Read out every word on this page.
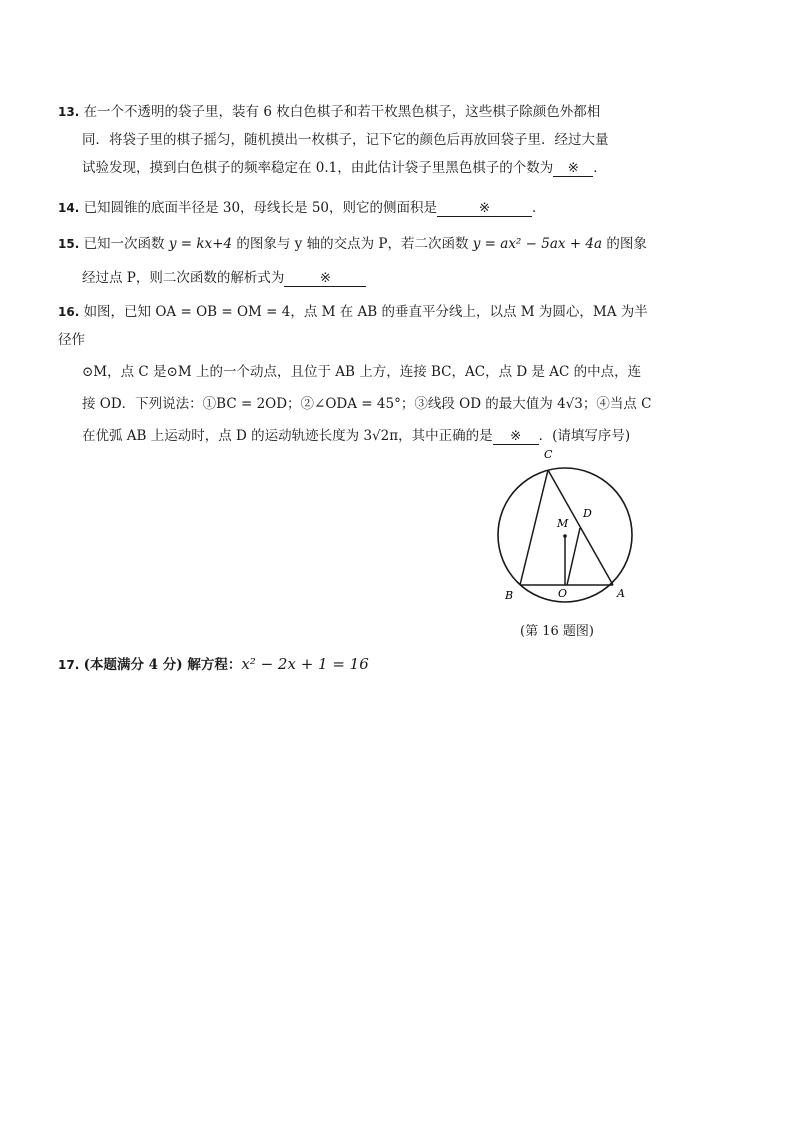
13. 在一个不透明的袋子里，装有 6 枚白色棋子和若干枚黑色棋子，这些棋子除颜色外都相
同．将袋子里的棋子摇匀，随机摸出一枚棋子，记下它的颜色后再放回袋子里．经过大量
试验发现，摸到白色棋子的频率稳定在 0.1，由此估计袋子里黑色棋子的个数为 ※ ．
14. 已知圆锥的底面半径是 30，母线长是 50，则它的侧面积是	※	．
15. 已知一次函数 y = kx+4 的图象与 y 轴的交点为 P，若二次函数 y = ax² − 5ax + 4a 的图象
经过点 P，则二次函数的解析式为	※
16. 如图，已知 OA = OB = OM = 4，点 M 在 AB 的垂直平分线上，以点 M 为圆心，MA 为半径作
⊙M，点 C 是⊙M 上的一个动点，且位于 AB 上方，连接 BC，AC，点 D 是 AC 的中点，连
接 OD．下列说法：①BC = 2OD；②∠ODA = 45°；③线段 OD 的最大值为 4√3；④当点 C
在优弧 AB 上运动时，点 D 的运动轨迹长度为 3√2π，其中正确的是 ※ ．(请填写序号)
C
D
M
B	O	A
(第 16 题图)
17. (本题满分 4 分) 解方程：x² − 2x + 1 = 16
